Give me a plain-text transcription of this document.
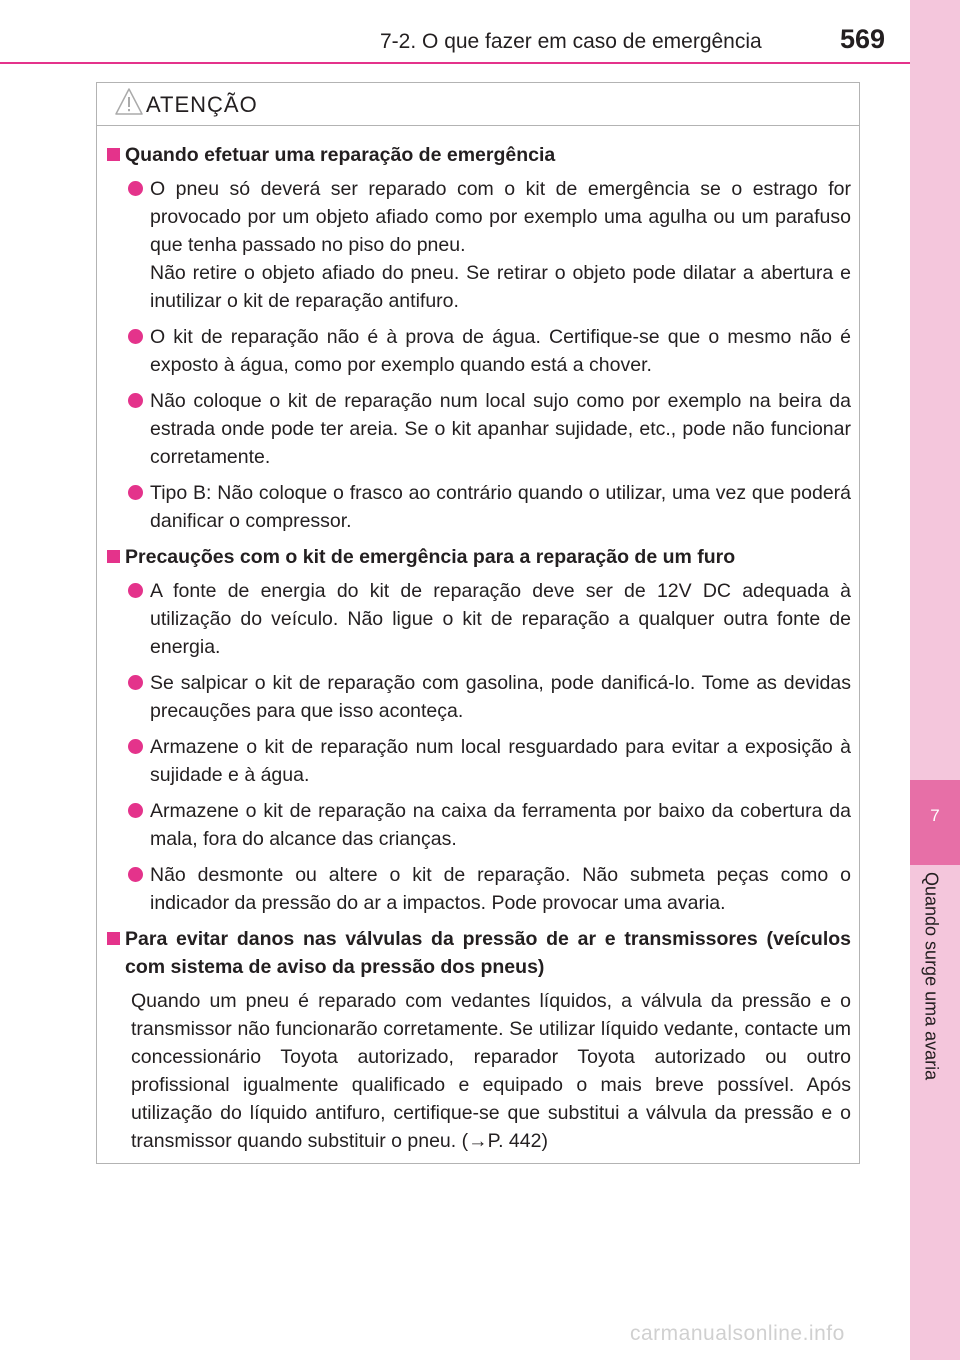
7-2. O que fazer em caso de emergência	569
7
Quando surge uma avaria
ATENÇÃO
Quando efetuar uma reparação de emergência

O pneu só deverá ser reparado com o kit de emergência se o estrago for provocado por um objeto afiado como por exemplo uma agulha ou um parafuso que tenha passado no piso do pneu.

Não retire o objeto afiado do pneu. Se retirar o objeto pode dilatar a abertura e inutilizar o kit de reparação antifuro.

O kit de reparação não é à prova de água. Certifique-se que o mesmo não é exposto à água, como por exemplo quando está a chover.

Não coloque o kit de reparação num local sujo como por exemplo na beira da estrada onde pode ter areia. Se o kit apanhar sujidade, etc., pode não funcionar corretamente.

Tipo B: Não coloque o frasco ao contrário quando o utilizar, uma vez que poderá danificar o compressor.

Precauções com o kit de emergência para a reparação de um furo

A fonte de energia do kit de reparação deve ser de 12V DC adequada à utilização do veículo. Não ligue o kit de reparação a qualquer outra fonte de energia.

Se salpicar o kit de reparação com gasolina, pode danificá-lo. Tome as devidas precauções para que isso aconteça.

Armazene o kit de reparação num local resguardado para evitar a exposição à sujidade e à água.

Armazene o kit de reparação na caixa da ferramenta por baixo da cobertura da mala, fora do alcance das crianças.

Não desmonte ou altere o kit de reparação. Não submeta peças como o indicador da pressão do ar a impactos. Pode provocar uma avaria.

Para evitar danos nas válvulas da pressão de ar e transmissores (veículos com sistema de aviso da pressão dos pneus)
Quando um pneu é reparado com vedantes líquidos, a válvula da pressão e o transmissor não funcionarão corretamente. Se utilizar líquido vedante, contacte um concessionário Toyota autorizado, reparador Toyota autorizado ou outro profissional igualmente qualificado e equipado o mais breve possível. Após utilização do líquido antifuro, certifique-se que substitui a válvula da pressão e o transmissor quando substituir o pneu. (→P. 442)
carmanualsonline.info
